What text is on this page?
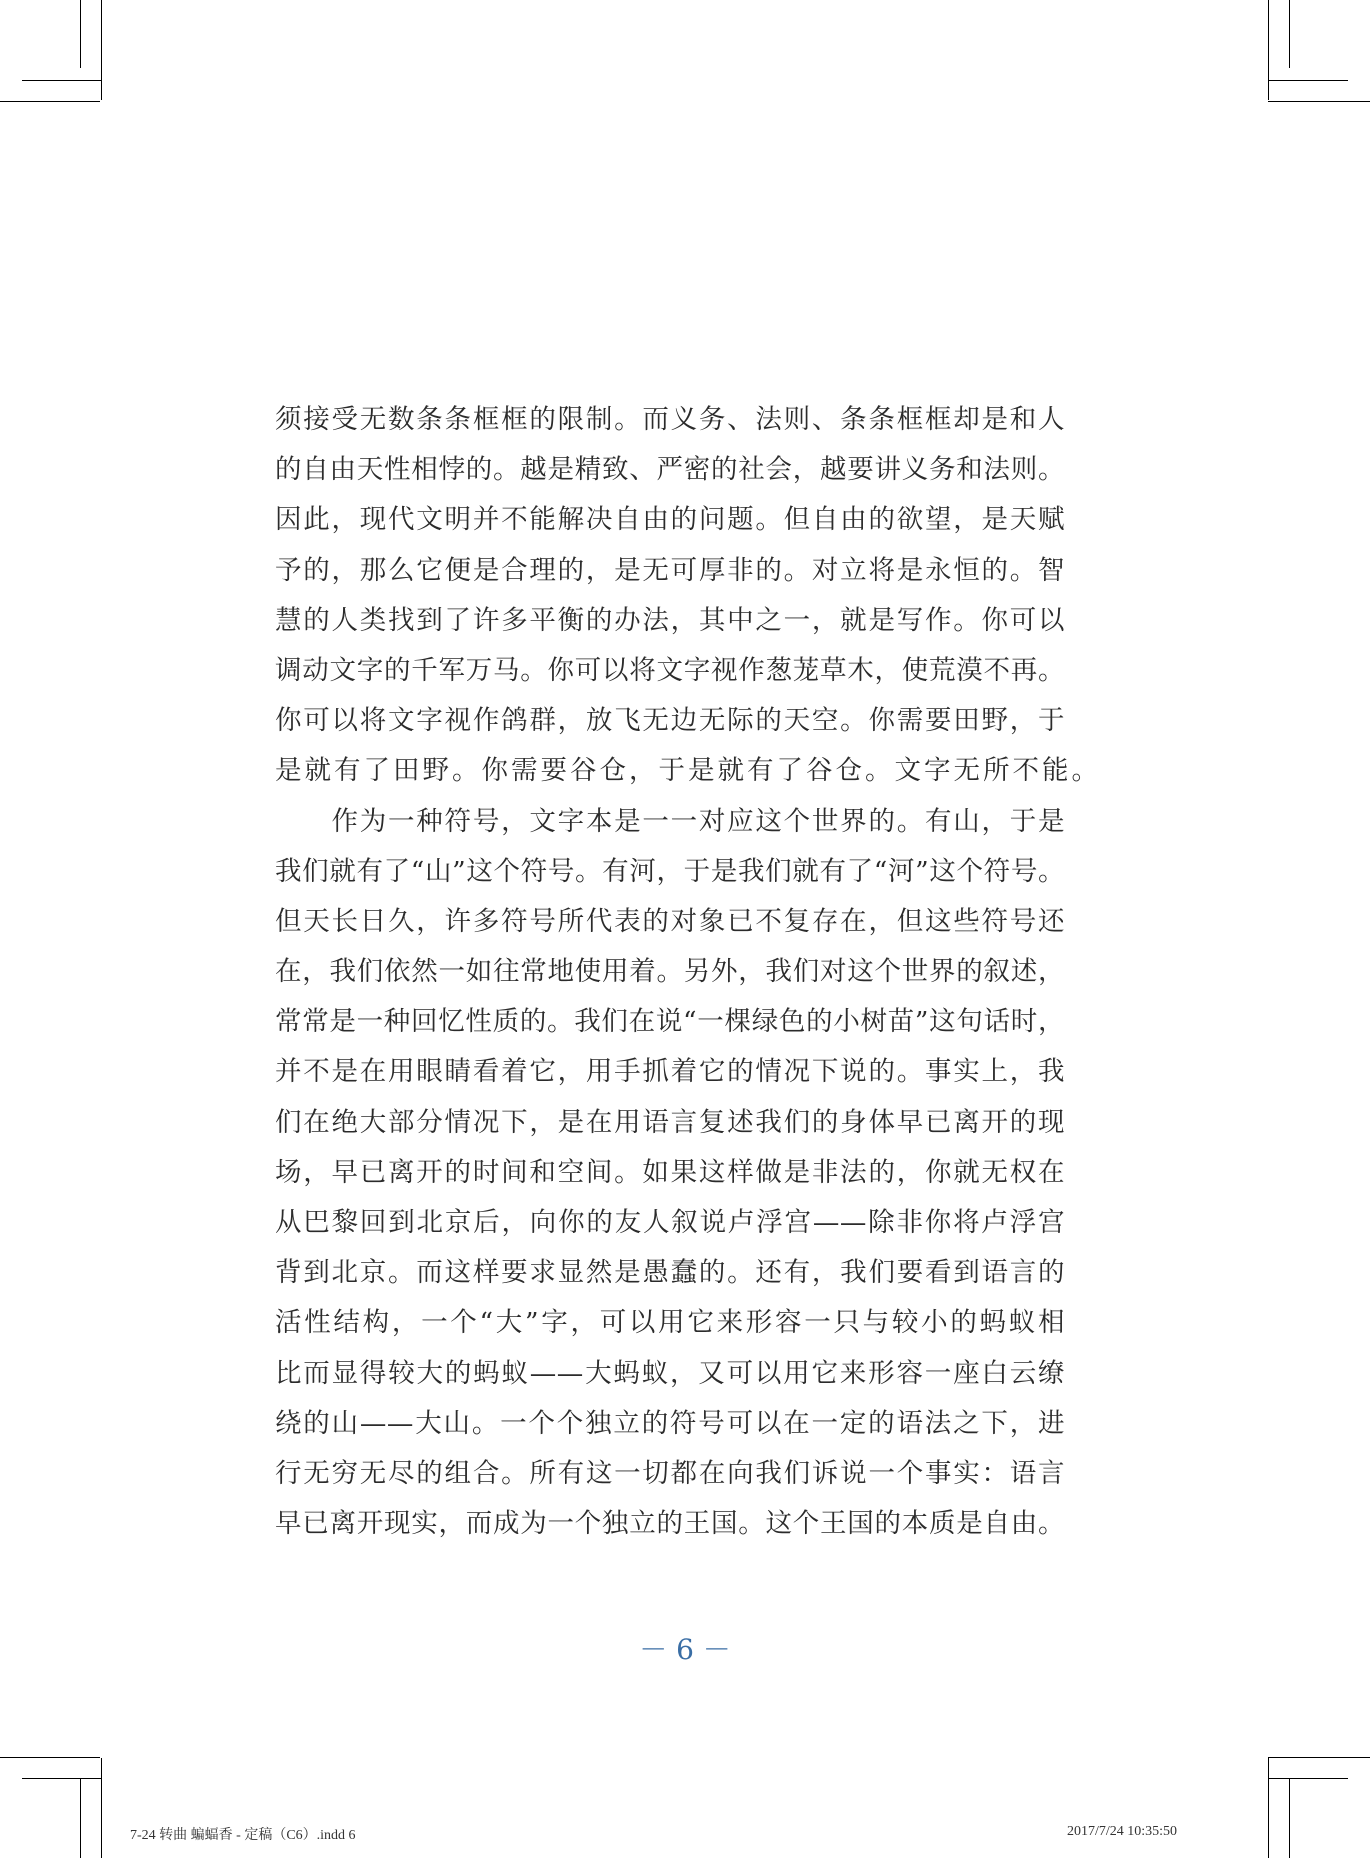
须接受无数条条框框的限制。而义务、法则、条条框框却是和人
的自由天性相悖的。越是精致、严密的社会，越要讲义务和法则。
因此，现代文明并不能解决自由的问题。但自由的欲望，是天赋
予的，那么它便是合理的，是无可厚非的。对立将是永恒的。智
慧的人类找到了许多平衡的办法，其中之一，就是写作。你可以
调动文字的千军万马。你可以将文字视作葱茏草木，使荒漠不再。
你可以将文字视作鸽群，放飞无边无际的天空。你需要田野，于
是就有了田野。你需要谷仓，于是就有了谷仓。文字无所不能。
　　作为一种符号，文字本是一一对应这个世界的。有山，于是
我们就有了“山”这个符号。有河，于是我们就有了“河”这个符号。
但天长日久，许多符号所代表的对象已不复存在，但这些符号还
在，我们依然一如往常地使用着。另外，我们对这个世界的叙述，
常常是一种回忆性质的。我们在说“一棵绿色的小树苗”这句话时，
并不是在用眼睛看着它，用手抓着它的情况下说的。事实上，我
们在绝大部分情况下，是在用语言复述我们的身体早已离开的现
场，早已离开的时间和空间。如果这样做是非法的，你就无权在
从巴黎回到北京后，向你的友人叙说卢浮宫——除非你将卢浮宫
背到北京。而这样要求显然是愚蠢的。还有，我们要看到语言的
活性结构，一个“大”字，可以用它来形容一只与较小的蚂蚁相
比而显得较大的蚂蚁——大蚂蚁，又可以用它来形容一座白云缭
绕的山——大山。一个个独立的符号可以在一定的语法之下，进
行无穷无尽的组合。所有这一切都在向我们诉说一个事实：语言
早已离开现实，而成为一个独立的王国。这个王国的本质是自由。
－ 6 －
7-24 转曲 蝙蝠香 - 定稿（C6）.indd 6	2017/7/24 10:35:50
